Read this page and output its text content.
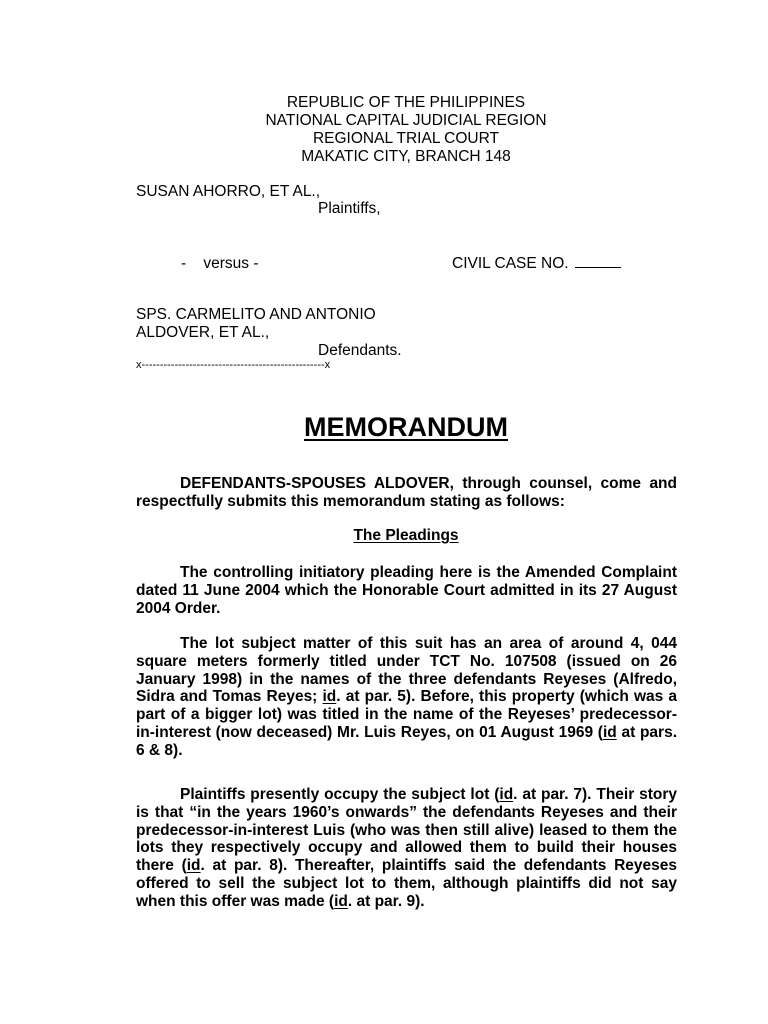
REPUBLIC OF THE PHILIPPINES
NATIONAL CAPITAL JUDICIAL REGION
REGIONAL TRIAL COURT
MAKATIC CITY, BRANCH 148
SUSAN AHORRO, ET AL.,
Plaintiffs,
-    versus -	CIVIL CASE NO.
SPS. CARMELITO AND ANTONIO
ALDOVER, ET AL.,
Defendants.
x--------------------------------------------------x
MEMORANDUM
DEFENDANTS-SPOUSES ALDOVER, through counsel, come and respectfully submits this memorandum stating as follows:
The Pleadings
The controlling initiatory pleading here is the Amended Complaint dated 11 June 2004 which the Honorable Court admitted in its 27 August 2004 Order.
The lot subject matter of this suit has an area of around 4, 044 square meters formerly titled under TCT No. 107508 (issued on 26 January 1998) in the names of the three defendants Reyeses (Alfredo, Sidra and Tomas Reyes; id. at par. 5). Before, this property (which was a part of a bigger lot) was titled in the name of the Reyeses’ predecessor-in-interest (now deceased) Mr. Luis Reyes, on 01 August 1969 (id at pars. 6 & 8).
Plaintiffs presently occupy the subject lot (id. at par. 7). Their story is that “in the years 1960’s onwards” the defendants Reyeses and their predecessor-in-interest Luis (who was then still alive) leased to them the lots they respectively occupy and allowed them to build their houses there (id. at par. 8). Thereafter, plaintiffs said the defendants Reyeses offered to sell the subject lot to them, although plaintiffs did not say when this offer was made (id. at par. 9).
